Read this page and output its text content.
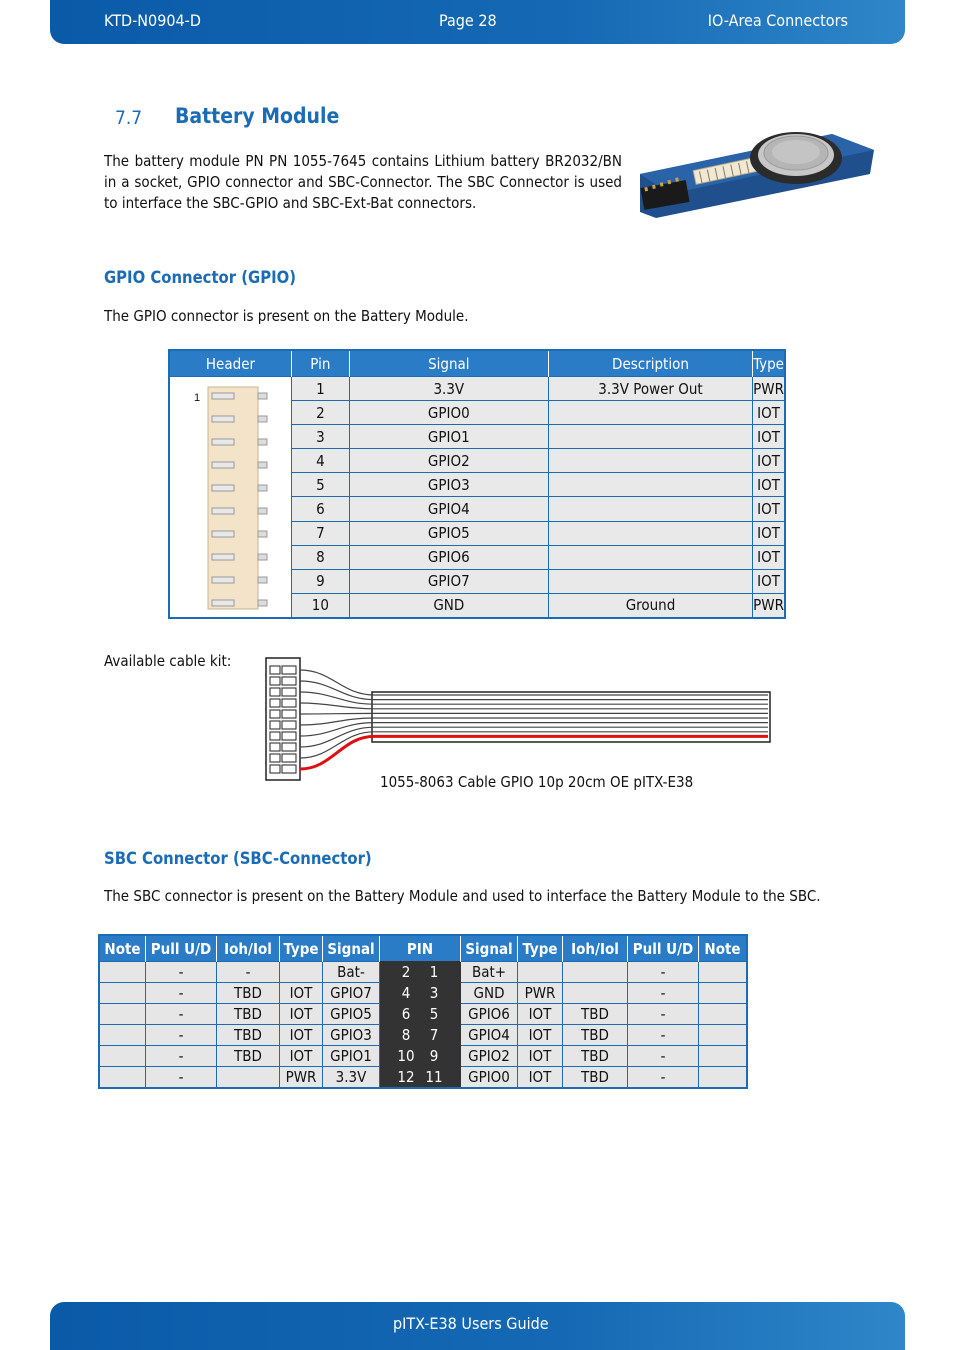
KTD-N0904-D	Page 28	IO-Area Connectors
7.7 Battery Module
The battery module PN PN 1055-7645 contains Lithium battery BR2032/BN in a socket, GPIO connector and SBC-Connector. The SBC Connector is used to interface the SBC-GPIO and SBC-Ext-Bat connectors.
GPIO Connector (GPIO)
The GPIO connector is present on the Battery Module.
Header	Pin	Signal	Description	Type

1	1	3.3V	3.3V Power Out	PWR
	2	GPIO0		IOT
	3	GPIO1		IOT
	4	GPIO2		IOT
	5	GPIO3		IOT
	6	GPIO4		IOT
	7	GPIO5		IOT
	8	GPIO6		IOT
	9	GPIO7		IOT
	10	GND	Ground	PWR
Available cable kit:
1055-8063 Cable GPIO 10p 20cm OE pITX-E38
SBC Connector (SBC-Connector)
The SBC connector is present on the Battery Module and used to interface the Battery Module to the SBC.
Note	Pull U/D	Ioh/Iol	Type	Signal	PIN	Signal	Type	Ioh/Iol	Pull U/D	Note
	-	-		Bat-	2 1	Bat+			-	
	-	TBD	IOT	GPIO7	4 3	GND	PWR		-	
	-	TBD	IOT	GPIO5	6 5	GPIO6	IOT	TBD	-	
	-	TBD	IOT	GPIO3	8 7	GPIO4	IOT	TBD	-	
	-	TBD	IOT	GPIO1	10 9	GPIO2	IOT	TBD	-	
	-		PWR	3.3V	12 11	GPIO0	IOT	TBD	-	
pITX-E38 Users Guide
